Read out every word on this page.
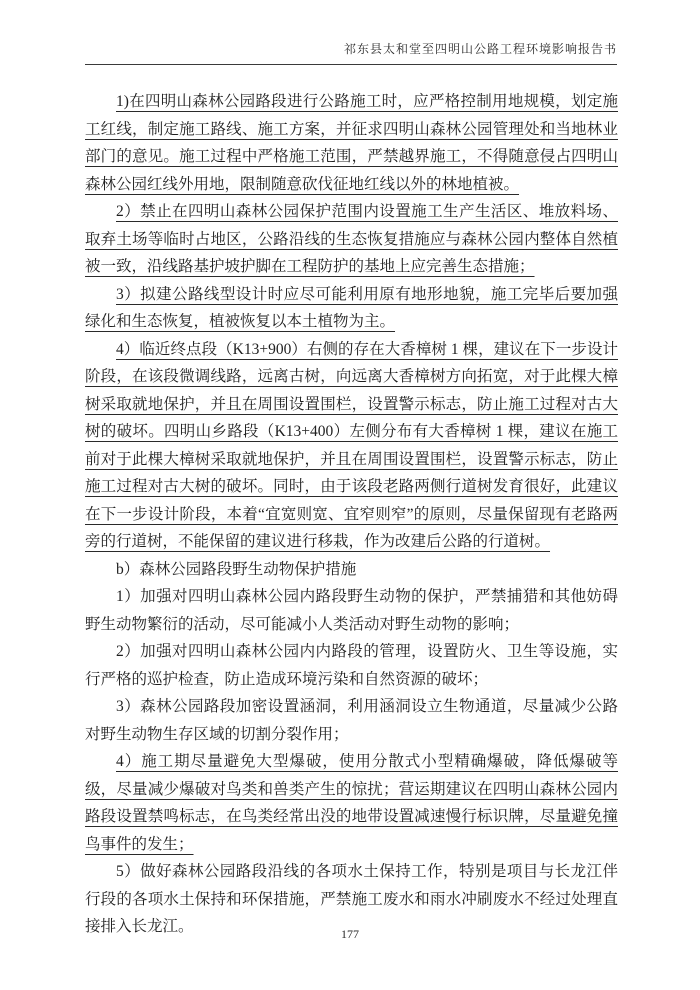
祁东县太和堂至四明山公路工程环境影响报告书

1)在四明山森林公园路段进行公路施工时，应严格控制用地规模，划定施工红线，制定施工路线、施工方案，并征求四明山森林公园管理处和当地林业部门的意见。施工过程中严格施工范围，严禁越界施工，不得随意侵占四明山森林公园红线外用地，限制随意砍伐征地红线以外的林地植被。

2）禁止在四明山森林公园保护范围内设置施工生产生活区、堆放料场、取弃土场等临时占地区，公路沿线的生态恢复措施应与森林公园内整体自然植被一致，沿线路基护坡护脚在工程防护的基地上应完善生态措施；

3）拟建公路线型设计时应尽可能利用原有地形地貌，施工完毕后要加强绿化和生态恢复，植被恢复以本土植物为主。

4）临近终点段（K13+900）右侧的存在大香樟树 1 棵，建议在下一步设计阶段，在该段微调线路，远离古树，向远离大香樟树方向拓宽，对于此棵大樟树采取就地保护，并且在周围设置围栏，设置警示标志，防止施工过程对古大树的破坏。四明山乡路段（K13+400）左侧分布有大香樟树 1 棵，建议在施工前对于此棵大樟树采取就地保护，并且在周围设置围栏，设置警示标志，防止施工过程对古大树的破坏。同时，由于该段老路两侧行道树发育很好，此建议在下一步设计阶段，本着“宜宽则宽、宜窄则窄”的原则，尽量保留现有老路两旁的行道树，不能保留的建议进行移栽，作为改建后公路的行道树。

b）森林公园路段野生动物保护措施

1）加强对四明山森林公园内路段野生动物的保护，严禁捕猎和其他妨碍野生动物繁衍的活动，尽可能减小人类活动对野生动物的影响；

2）加强对四明山森林公园内内路段的管理，设置防火、卫生等设施，实行严格的巡护检查，防止造成环境污染和自然资源的破坏；

3）森林公园路段加密设置涵洞，利用涵洞设立生物通道，尽量减少公路对野生动物生存区域的切割分裂作用；

4）施工期尽量避免大型爆破，使用分散式小型精确爆破，降低爆破等级，尽量减少爆破对鸟类和兽类产生的惊扰；营运期建议在四明山森林公园内路段设置禁鸣标志，在鸟类经常出没的地带设置减速慢行标识牌，尽量避免撞鸟事件的发生；

5）做好森林公园路段沿线的各项水土保持工作，特别是项目与长龙江伴行段的各项水土保持和环保措施，严禁施工废水和雨水冲刷废水不经过处理直接排入长龙江。	177
